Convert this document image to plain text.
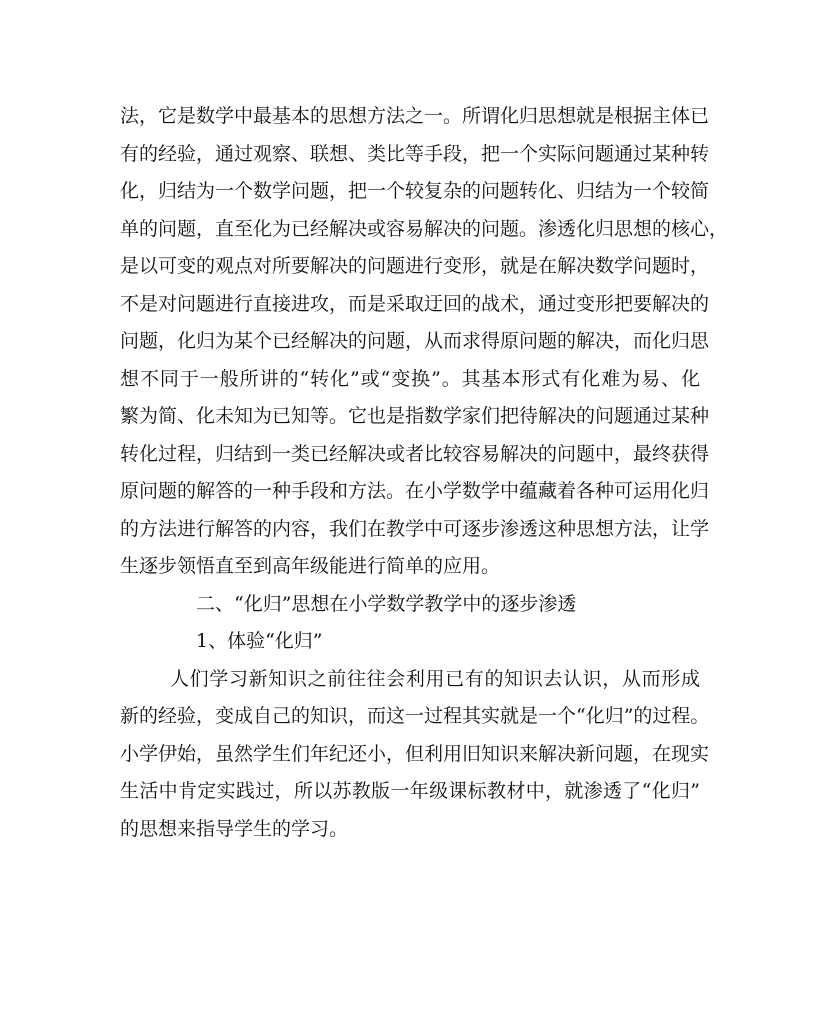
法，它是数学中最基本的思想方法之一。所谓化归思想就是根据主体已
有的经验，通过观察、联想、类比等手段，把一个实际问题通过某种转
化，归结为一个数学问题，把一个较复杂的问题转化、归结为一个较简
单的问题，直至化为已经解决或容易解决的问题。渗透化归思想的核心，
是以可变的观点对所要解决的问题进行变形，就是在解决数学问题时，
不是对问题进行直接进攻，而是采取迂回的战术，通过变形把要解决的
问题，化归为某个已经解决的问题，从而求得原问题的解决，而化归思
想不同于一般所讲的“转化”或“变换”。其基本形式有化难为易、化
繁为简、化未知为已知等。它也是指数学家们把待解决的问题通过某种
转化过程，归结到一类已经解决或者比较容易解决的问题中，最终获得
原问题的解答的一种手段和方法。在小学数学中蕴藏着各种可运用化归
的方法进行解答的内容，我们在教学中可逐步渗透这种思想方法，让学
生逐步领悟直至到高年级能进行简单的应用。
二、“化归”思想在小学数学教学中的逐步渗透
1、体验“化归”
人们学习新知识之前往往会利用已有的知识去认识，从而形成
新的经验，变成自己的知识，而这一过程其实就是一个“化归”的过程。
小学伊始，虽然学生们年纪还小，但利用旧知识来解决新问题，在现实
生活中肯定实践过，所以苏教版一年级课标教材中，就渗透了“化归”
的思想来指导学生的学习。
